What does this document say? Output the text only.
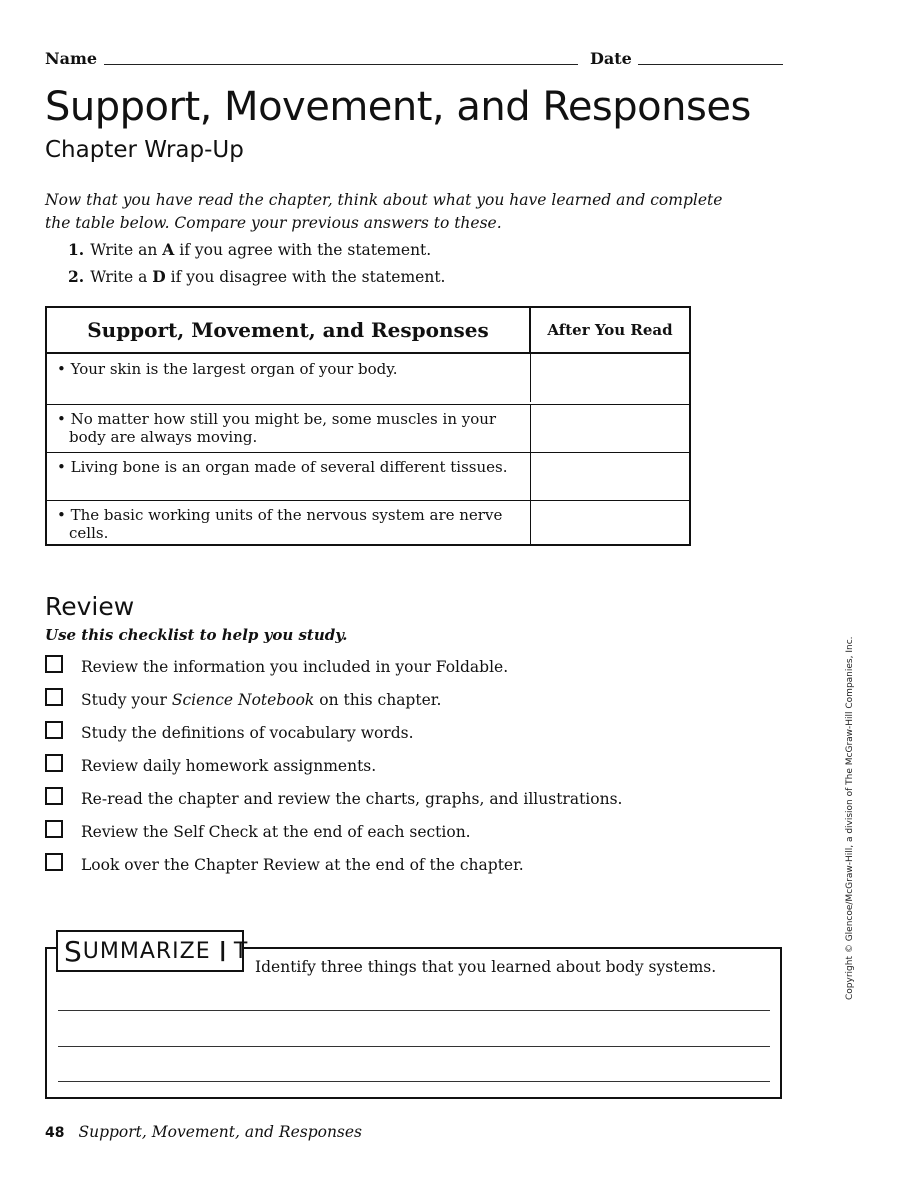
Name	Date
Support, Movement, and Responses
Chapter Wrap-Up
Now that you have read the chapter, think about what you have learned and complete the table below. Compare your previous answers to these.
1. Write an A if you agree with the statement.
2. Write a D if you disagree with the statement.
Support, Movement, and Responses	After You Read
• Your skin is the largest organ of your body.
• No matter how still you might be, some muscles in your body are always moving.
• Living bone is an organ made of several different tissues.
• The basic working units of the nervous system are nerve cells.
Review
Use this checklist to help you study.
Review the information you included in your Foldable.
Study your Science Notebook on this chapter.
Study the definitions of vocabulary words.
Review daily homework assignments.
Re-read the chapter and review the charts, graphs, and illustrations.
Review the Self Check at the end of each section.
Look over the Chapter Review at the end of the chapter.
S UMMARIZE
I T
Identify three things that you learned about body systems.
48 Support, Movement, and Responses
Copyright © Glencoe/McGraw-Hill, a division of The McGraw-Hill Companies, Inc.
